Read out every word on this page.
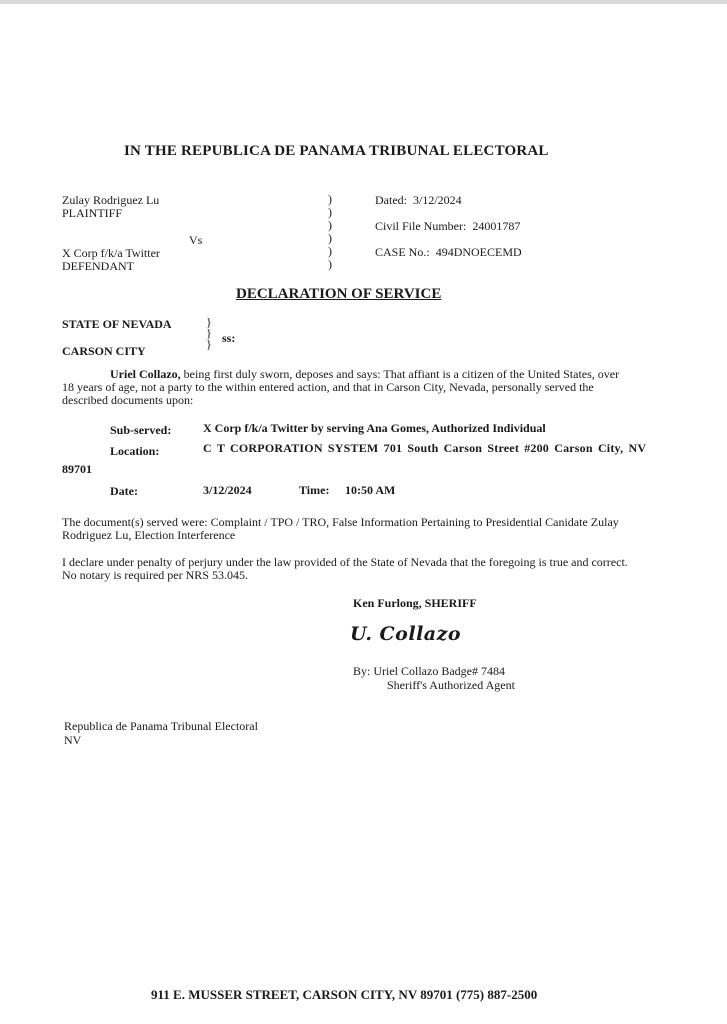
IN THE REPUBLICA DE PANAMA TRIBUNAL ELECTORAL
Zulay Rodriguez Lu
PLAINTIFF
Vs
X Corp f/k/a Twitter
DEFENDANT
)
)
)
)
)
)
Dated: 3/12/2024
Civil File Number: 24001787
CASE No.: 494DNOECEMD
DECLARATION OF SERVICE
STATE OF NEVADA
CARSON CITY
}
}
} ss:
Uriel Collazo, being first duly sworn, deposes and says: That affiant is a citizen of the United States, over 18 years of age, not a party to the within entered action, and that in Carson City, Nevada, personally served the described documents upon:
Sub-served:	X Corp f/k/a Twitter by serving Ana Gomes, Authorized Individual
Location:	C T CORPORATION SYSTEM 701 South Carson Street #200 Carson City, NV
89701
Date:	3/12/2024	Time: 10:50 AM
The document(s) served were: Complaint / TPO / TRO, False Information Pertaining to Presidential Canidate Zulay Rodriguez Lu, Election Interference
I declare under penalty of perjury under the law provided of the State of Nevada that the foregoing is true and correct. No notary is required per NRS 53.045.
Ken Furlong, SHERIFF
U. Collazo
By: Uriel Collazo Badge# 7484
Sheriff's Authorized Agent
Republica de Panama Tribunal Electoral
NV
911 E. MUSSER STREET, CARSON CITY, NV 89701 (775) 887-2500
